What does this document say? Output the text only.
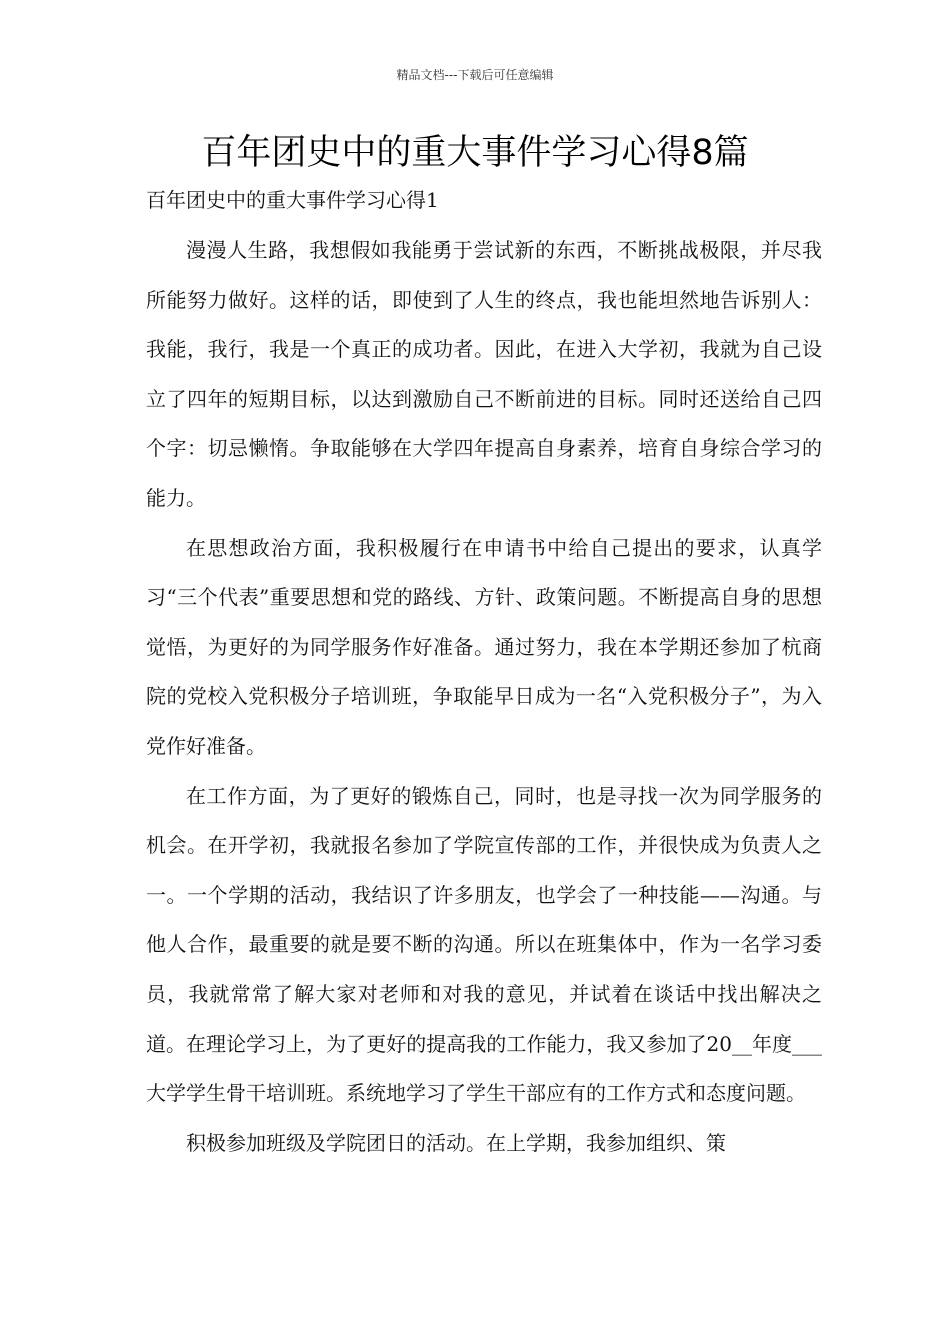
精品文档---下载后可任意编辑
百年团史中的重大事件学习心得8篇
百年团史中的重大事件学习心得1

漫漫人生路，我想假如我能勇于尝试新的东西，不断挑战极限，并尽我所能努力做好。这样的话，即使到了人生的终点，我也能坦然地告诉别人：我能，我行，我是一个真正的成功者。因此，在进入大学初，我就为自己设立了四年的短期目标，以达到激励自己不断前进的目标。同时还送给自己四个字：切忌懒惰。争取能够在大学四年提高自身素养，培育自身综合学习的能力。

在思想政治方面，我积极履行在申请书中给自己提出的要求，认真学习“三个代表”重要思想和党的路线、方针、政策问题。不断提高自身的思想觉悟，为更好的为同学服务作好准备。通过努力，我在本学期还参加了杭商院的党校入党积极分子培训班，争取能早日成为一名“入党积极分子”，为入党作好准备。

在工作方面，为了更好的锻炼自己，同时，也是寻找一次为同学服务的机会。在开学初，我就报名参加了学院宣传部的工作，并很快成为负责人之一。一个学期的活动，我结识了许多朋友，也学会了一种技能——沟通。与他人合作，最重要的就是要不断的沟通。所以在班集体中，作为一名学习委员，我就常常了解大家对老师和对我的意见，并试着在谈话中找出解决之道。在理论学习上，为了更好的提高我的工作能力，我又参加了20__年度___大学学生骨干培训班。系统地学习了学生干部应有的工作方式和态度问题。

积极参加班级及学院团日的活动。在上学期，我参加组织、策
